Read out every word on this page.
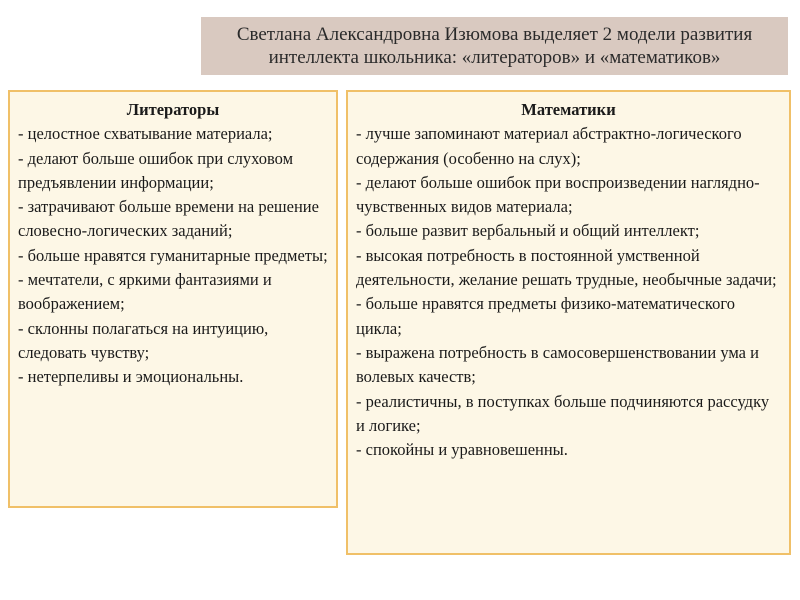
Светлана Александровна Изюмова выделяет 2 модели развития интеллекта школьника: «литераторов» и «математиков»
Литераторы
- целостное схватывание материала;
- делают больше ошибок при слуховом предъявлении информации;
- затрачивают больше времени на решение словесно-логических заданий;
- больше нравятся гуманитарные предметы;
- мечтатели, с яркими фантазиями и воображением;
- склонны полагаться на интуицию, следовать чувству;
- нетерпеливы и эмоциональны.
Математики
- лучше запоминают материал абстрактно-логического содержания (особенно на слух);
- делают больше ошибок при воспроизведении наглядно-чувственных видов материала;
- больше развит вербальный и общий интеллект;
- высокая потребность в постоянной умственной деятельности, желание решать трудные, необычные задачи;
- больше нравятся предметы физико-математического цикла;
- выражена потребность в самосовершенствовании ума и волевых качеств;
- реалистичны, в поступках больше подчиняются рассудку и логике;
- спокойны и уравновешенны.
